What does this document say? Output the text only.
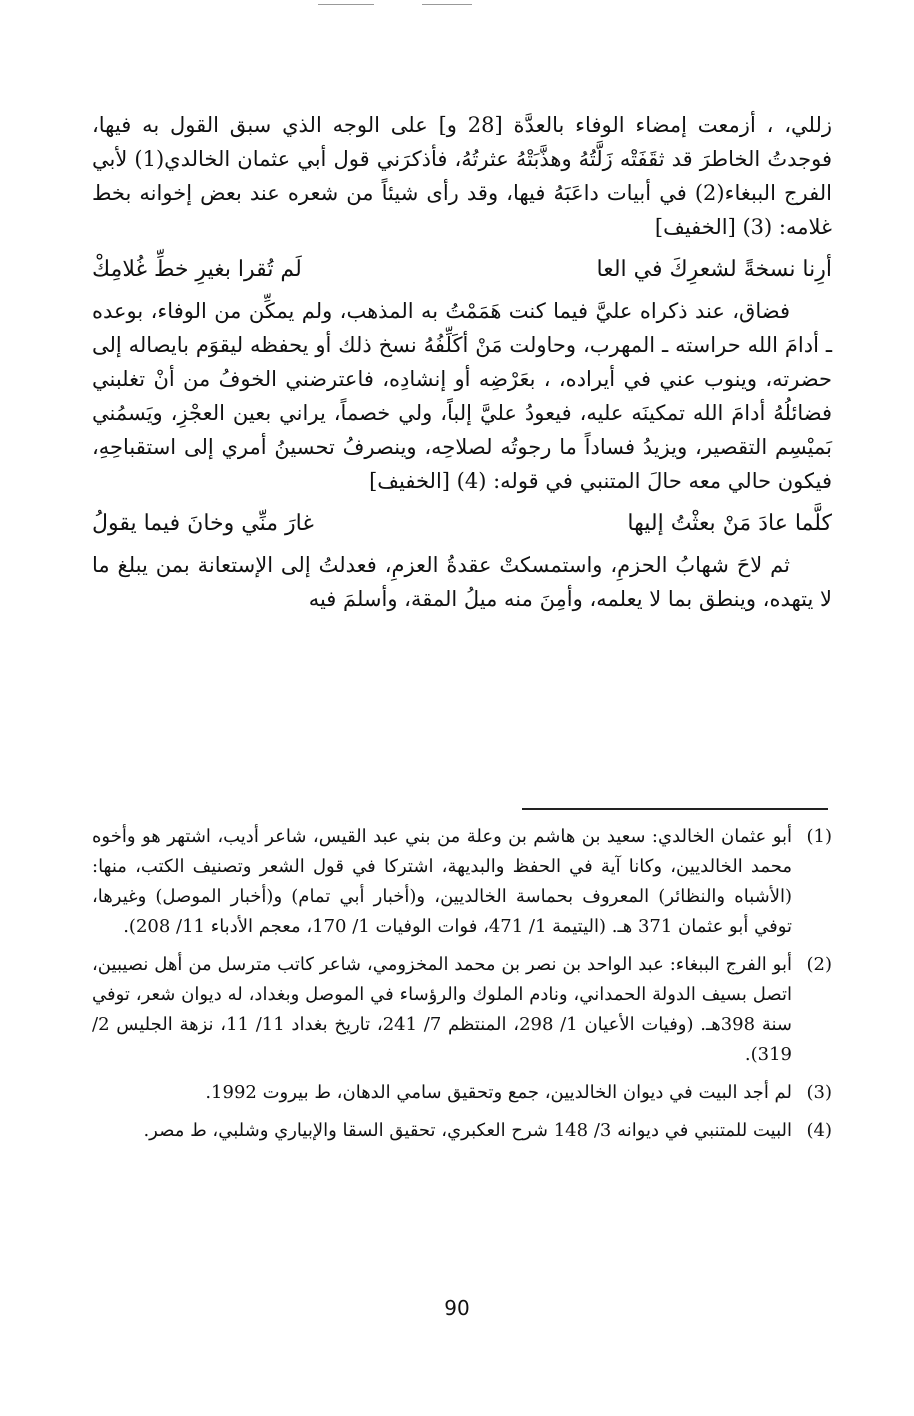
زللي، ، أزمعت إمضاء الوفاء بالعدَّة [28 و] على الوجه الذي سبق القول به فيها، فوجدتُ الخاطرَ قد ثقَفَتْه زَلَّتُهُ وهذَّبَتْهُ عثرتُهُ، فأذكرَني قول أبي عثمان الخالدي(1) لأبي الفرج الببغاء(2) في أبيات داعَبَهُ فيها، وقد رأى شيئاً من شعره عند بعض إخوانه بخط غلامه: (3) [الخفيف]

أرِنا نسخةً لشعرِكَ في العا
لَم تُقرا بغيرِ خطِّ غُلامِكْ

فضاق، عند ذكراه عليَّ فيما كنت هَمَمْتُ به المذهب، ولم يمكِّن من الوفاء، بوعده ـ أدامَ الله حراسته ـ المهرب، وحاولت مَنْ أكَلِّفُهُ نسخ ذلك أو يحفظه ليقوَم بايصاله إلى حضرته، وينوب عني في أيراده، ، بعَرْضِه أو إنشادِه، فاعترضني الخوفُ من أنْ تغلبني فضائلُهُ أدامَ الله تمكينَه عليه، فيعودُ عليَّ إلباً، ولي خصماً، يراني بعين العجْزِ، ويَسمُني بَميْسِم التقصير، ويزيدُ فساداً ما رجوتُه لصلاحِه، وينصرفُ تحسينُ أمري إلى استقباحِهِ، فيكون حالي معه حالَ المتنبي في قوله: (4) [الخفيف]

كلَّما عادَ مَنْ بعثْتُ إليها
غارَ منِّي وخانَ فيما يقولُ

ثم لاحَ شهابُ الحزمِ، واستمسكتْ عقدةُ العزمِ، فعدلتُ إلى الإستعانة بمن يبلغ ما لا يتهده، وينطق بما لا يعلمه، وأمِنَ منه ميلُ المقة، وأسلمَ فيه

(1)
أبو عثمان الخالدي: سعيد بن هاشم بن وعلة من بني عبد القيس، شاعر أديب، اشتهر هو وأخوه محمد الخالديين، وكانا آية في الحفظ والبديهة، اشتركا في قول الشعر وتصنيف الكتب، منها: (الأشباه والنظائر) المعروف بحماسة الخالديين، و(أخبار أبي تمام) و(أخبار الموصل) وغيرها، توفي أبو عثمان 371 هـ. (اليتيمة 1/ 471، فوات الوفيات 1/ 170، معجم الأدباء 11/ 208).
(2)
أبو الفرج الببغاء: عبد الواحد بن نصر بن محمد المخزومي، شاعر كاتب مترسل من أهل نصيبين، اتصل بسيف الدولة الحمداني، ونادم الملوك والرؤساء في الموصل وبغداد، له ديوان شعر، توفي سنة 398هـ. (وفيات الأعيان 1/ 298، المنتظم 7/ 241، تاريخ بغداد 11/ 11، نزهة الجليس 2/ 319).
(3)
لم أجد البيت في ديوان الخالديين، جمع وتحقيق سامي الدهان، ط بيروت 1992.
(4)
البيت للمتنبي في ديوانه 3/ 148 شرح العكبري، تحقيق السقا والإبياري وشلبي، ط مصر.
90
